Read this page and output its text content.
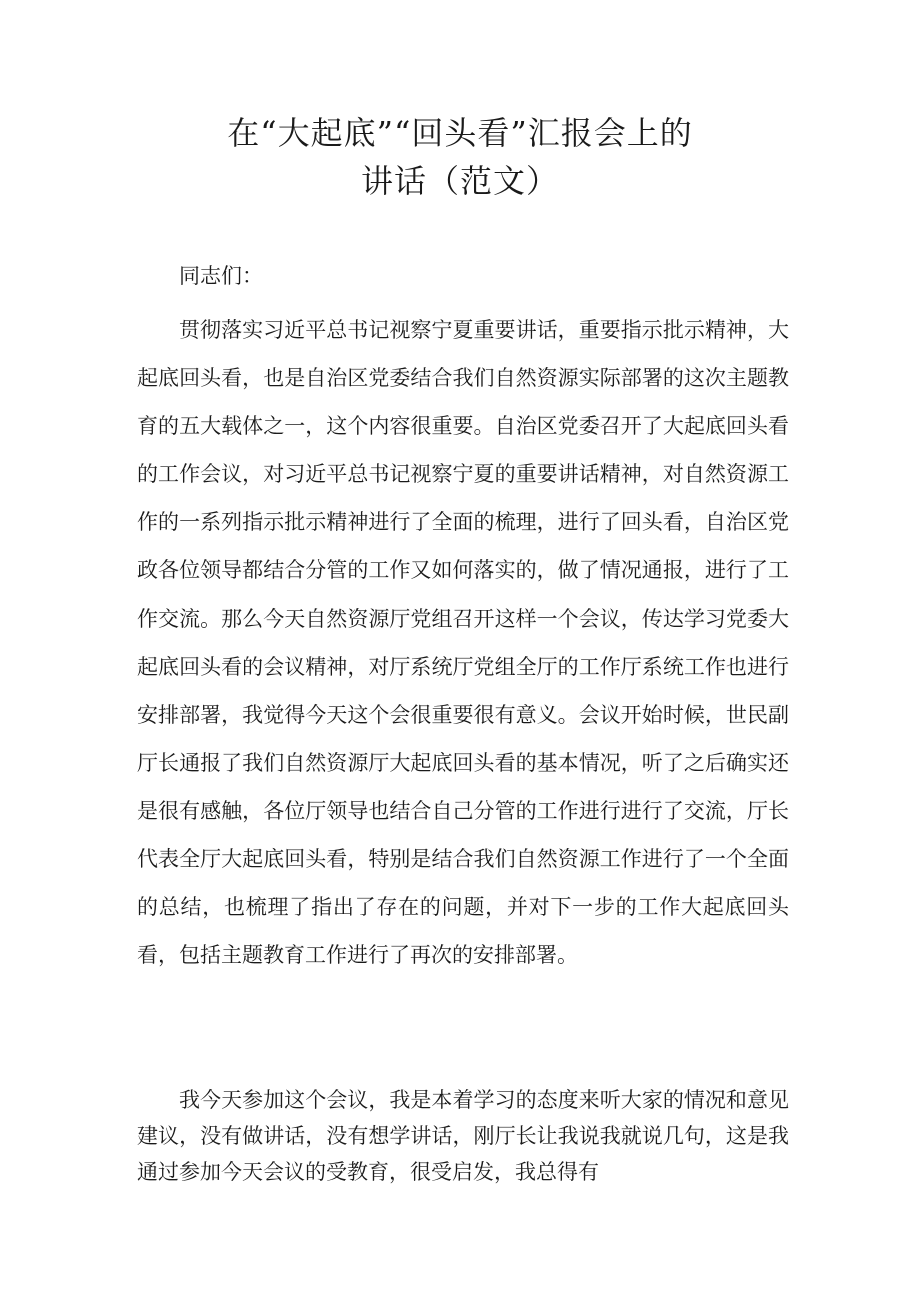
在“大起底”“回头看”汇报会上的
讲话（范文）

同志们：

贯彻落实习近平总书记视察宁夏重要讲话，重要指示批示精神，大起底回头看，也是自治区党委结合我们自然资源实际部署的这次主题教育的五大载体之一，这个内容很重要。自治区党委召开了大起底回头看的工作会议，对习近平总书记视察宁夏的重要讲话精神，对自然资源工作的一系列指示批示精神进行了全面的梳理，进行了回头看，自治区党政各位领导都结合分管的工作又如何落实的，做了情况通报，进行了工作交流。那么今天自然资源厅党组召开这样一个会议，传达学习党委大起底回头看的会议精神，对厅系统厅党组全厅的工作厅系统工作也进行安排部署，我觉得今天这个会很重要很有意义。会议开始时候，世民副厅长通报了我们自然资源厅大起底回头看的基本情况，听了之后确实还是很有感触，各位厅领导也结合自己分管的工作进行进行了交流，厅长代表全厅大起底回头看，特别是结合我们自然资源工作进行了一个全面的总结，也梳理了指出了存在的问题，并对下一步的工作大起底回头看，包括主题教育工作进行了再次的安排部署。

我今天参加这个会议，我是本着学习的态度来听大家的情况和意见建议，没有做讲话，没有想学讲话，刚厅长让我说我就说几句，这是我通过参加今天会议的受教育，很受启发，我总得有
